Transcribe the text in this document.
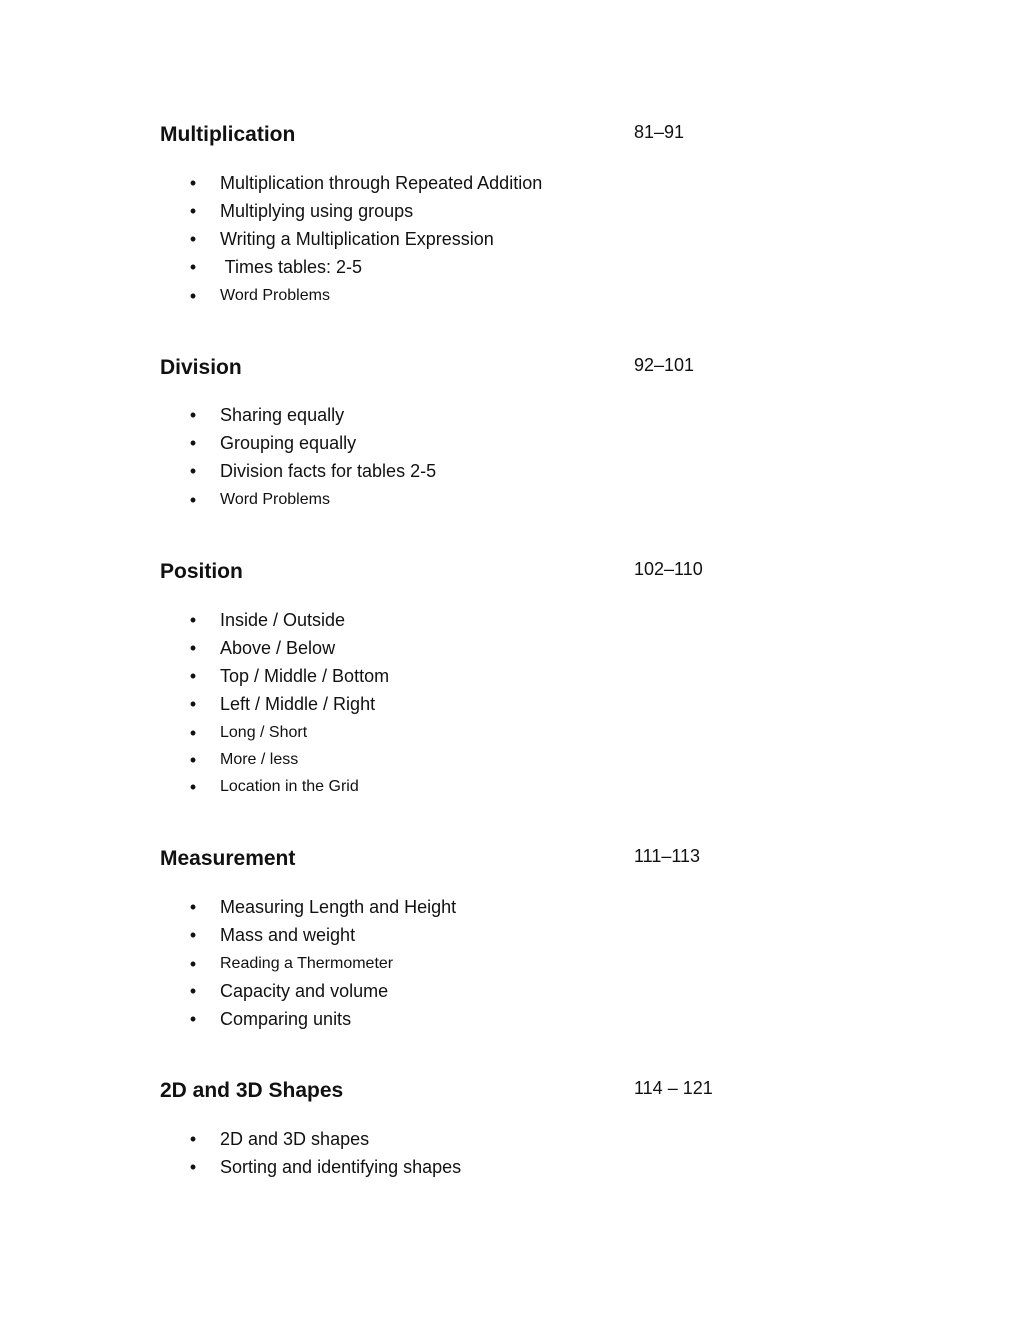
Multiplication	81–91
• Multiplication through Repeated Addition
• Multiplying using groups
• Writing a Multiplication Expression
• Times tables: 2-5
• Word Problems
Division	92–101
• Sharing equally
• Grouping equally
• Division facts for tables 2-5
• Word Problems
Position	102–110
• Inside / Outside
• Above / Below
• Top / Middle / Bottom
• Left / Middle / Right
• Long / Short
• More / less
• Location in the Grid
Measurement	111–113
• Measuring Length and Height
• Mass and weight
• Reading a Thermometer
• Capacity and volume
• Comparing units
2D and 3D Shapes	114 – 121
• 2D and 3D shapes
• Sorting and identifying shapes
